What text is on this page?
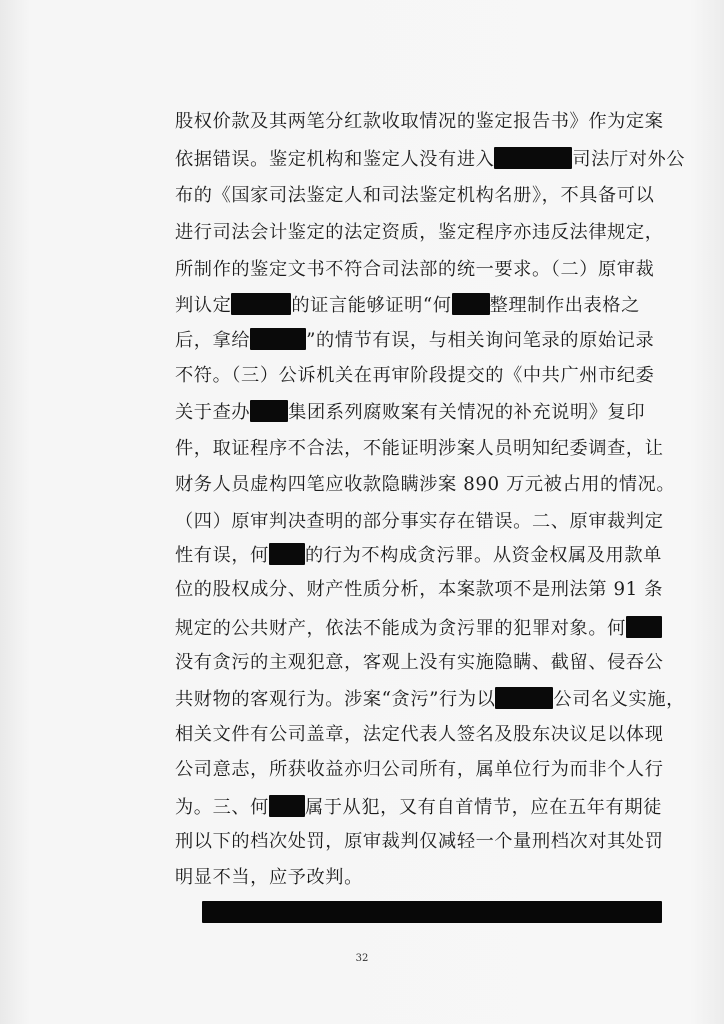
股权价款及其两笔分红款收取情况的鉴定报告书》作为定案
依据错误。鉴定机构和鉴定人没有进入	司法厅对外公
布的《国家司法鉴定人和司法鉴定机构名册》，不具备可以
进行司法会计鉴定的法定资质，鉴定程序亦违反法律规定，
所制作的鉴定文书不符合司法部的统一要求。（二）原审裁
判认定	的证言能够证明“何 整理制作出表格之
后，拿给	”的情节有误，与相关询问笔录的原始记录
不符。（三）公诉机关在再审阶段提交的《中共广州市纪委
关于查办 集团系列腐败案有关情况的补充说明》复印
件，取证程序不合法，不能证明涉案人员明知纪委调查，让
财务人员虚构四笔应收款隐瞒涉案 890 万元被占用的情况。
（四）原审判决查明的部分事实存在错误。二、原审裁判定
性有误，何 的行为不构成贪污罪。从资金权属及用款单
位的股权成分、财产性质分析，本案款项不是刑法第 91 条
规定的公共财产，依法不能成为贪污罪的犯罪对象。何
没有贪污的主观犯意，客观上没有实施隐瞒、截留、侵吞公
共财物的客观行为。涉案“贪污”行为以	公司名义实施，
相关文件有公司盖章，法定代表人签名及股东决议足以体现
公司意志，所获收益亦归公司所有，属单位行为而非个人行
为。三、何 属于从犯，又有自首情节，应在五年有期徒
刑以下的档次处罚，原审裁判仅减轻一个量刑档次对其处罚
明显不当，应予改判。
32
